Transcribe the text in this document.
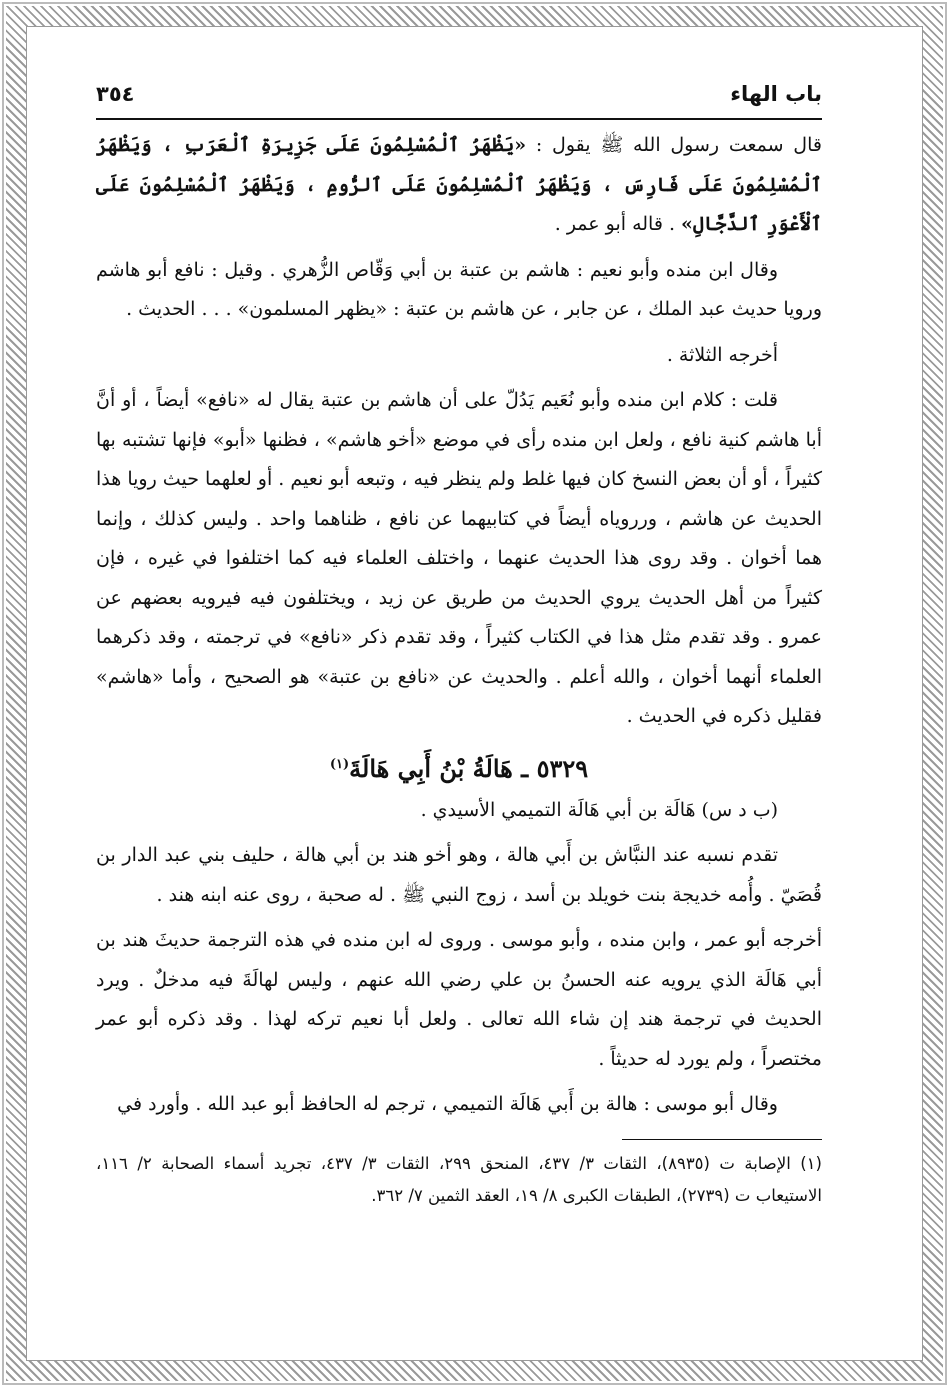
باب الهاء
٣٥٤

قال سمعت رسول الله ﷺ يقول : «يَظْهَرُ ٱلْمُسْلِمُونَ عَلَى جَزِيرَةِ ٱلْعَرَبِ ، وَيَظْهَرُ ٱلْمُسْلِمُونَ عَلَى فَارِسَ ، وَيَظْهَرُ ٱلْمُسْلِمُونَ عَلَى ٱلرُّومِ ، وَيَظْهَرُ ٱلْمُسْلِمُونَ عَلَى ٱلْأَعْوَرِ ٱلدَّجَّالِ» . قاله أبو عمر .

وقال ابن منده وأبو نعيم : هاشم بن عتبة بن أبي وَقّاص الزُّهري . وقيل : نافع أبو هاشم ورويا حديث عبد الملك ، عن جابر ، عن هاشم بن عتبة : «يظهر المسلمون» . . . الحديث .

أخرجه الثلاثة .

قلت : كلام ابن منده وأبو نُعَيم يَدُلّ على أن هاشم بن عتبة يقال له «نافع» أيضاً ، أو أنَّ أبا هاشم كنية نافع ، ولعل ابن منده رأى في موضع «أخو هاشم» ، فظنها «أبو» فإنها تشتبه بها كثيراً ، أو أن بعض النسخ كان فيها غلط ولم ينظر فيه ، وتبعه أبو نعيم . أو لعلهما حيث رويا هذا الحديث عن هاشم ، ورروياه أيضاً في كتابيهما عن نافع ، ظناهما واحد . وليس كذلك ، وإنما هما أخوان . وقد روى هذا الحديث عنهما ، واختلف العلماء فيه كما اختلفوا في غيره ، فإن كثيراً من أهل الحديث يروي الحديث من طريق عن زيد ، ويختلفون فيه فيرويه بعضهم عن عمرو . وقد تقدم مثل هذا في الكتاب كثيراً ، وقد تقدم ذكر «نافع» في ترجمته ، وقد ذكرهما العلماء أنهما أخوان ، والله أعلم . والحديث عن «نافع بن عتبة» هو الصحيح ، وأما «هاشم» فقليل ذكره في الحديث .

٥٣٢٩ ـ هَالَةُ بْنُ أَبِي هَالَةَ$^{(١)}$

(ب د س) هَالَة بن أبي هَالَة التميمي الأسيدي .

تقدم نسبه عند النبَّاش بن أَبي هالة ، وهو أخو هند بن أبي هالة ، حليف بني عبد الدار بن قُصَيّ . وأُمه خديجة بنت خويلد بن أسد ، زوج النبي ﷺ . له صحبة ، روى عنه ابنه هند .

أخرجه أبو عمر ، وابن منده ، وأبو موسى . وروى له ابن منده في هذه الترجمة حديثَ هند بن أبي هَالَة الذي يرويه عنه الحسنُ بن علي رضي الله عنهم ، وليس لهالَةَ فيه مدخلٌ . ويرد الحديث في ترجمة هند إن شاء الله تعالى . ولعل أبا نعيم تركه لهذا . وقد ذكره أبو عمر مختصراً ، ولم يورد له حديثاً .

وقال أبو موسى : هالة بن أَبي هَالَة التميمي ، ترجم له الحافظ أبو عبد الله . وأورد في

(١) الإصابة ت (٨٩٣٥)، الثقات ٣/ ٤٣٧، المنحق ٢٩٩، الثقات ٣/ ٤٣٧، تجريد أسماء الصحابة ٢/ ١١٦، الاستيعاب ت (٢٧٣٩)، الطبقات الكبرى ٨/ ١٩، العقد الثمين ٧/ ٣٦٢.
